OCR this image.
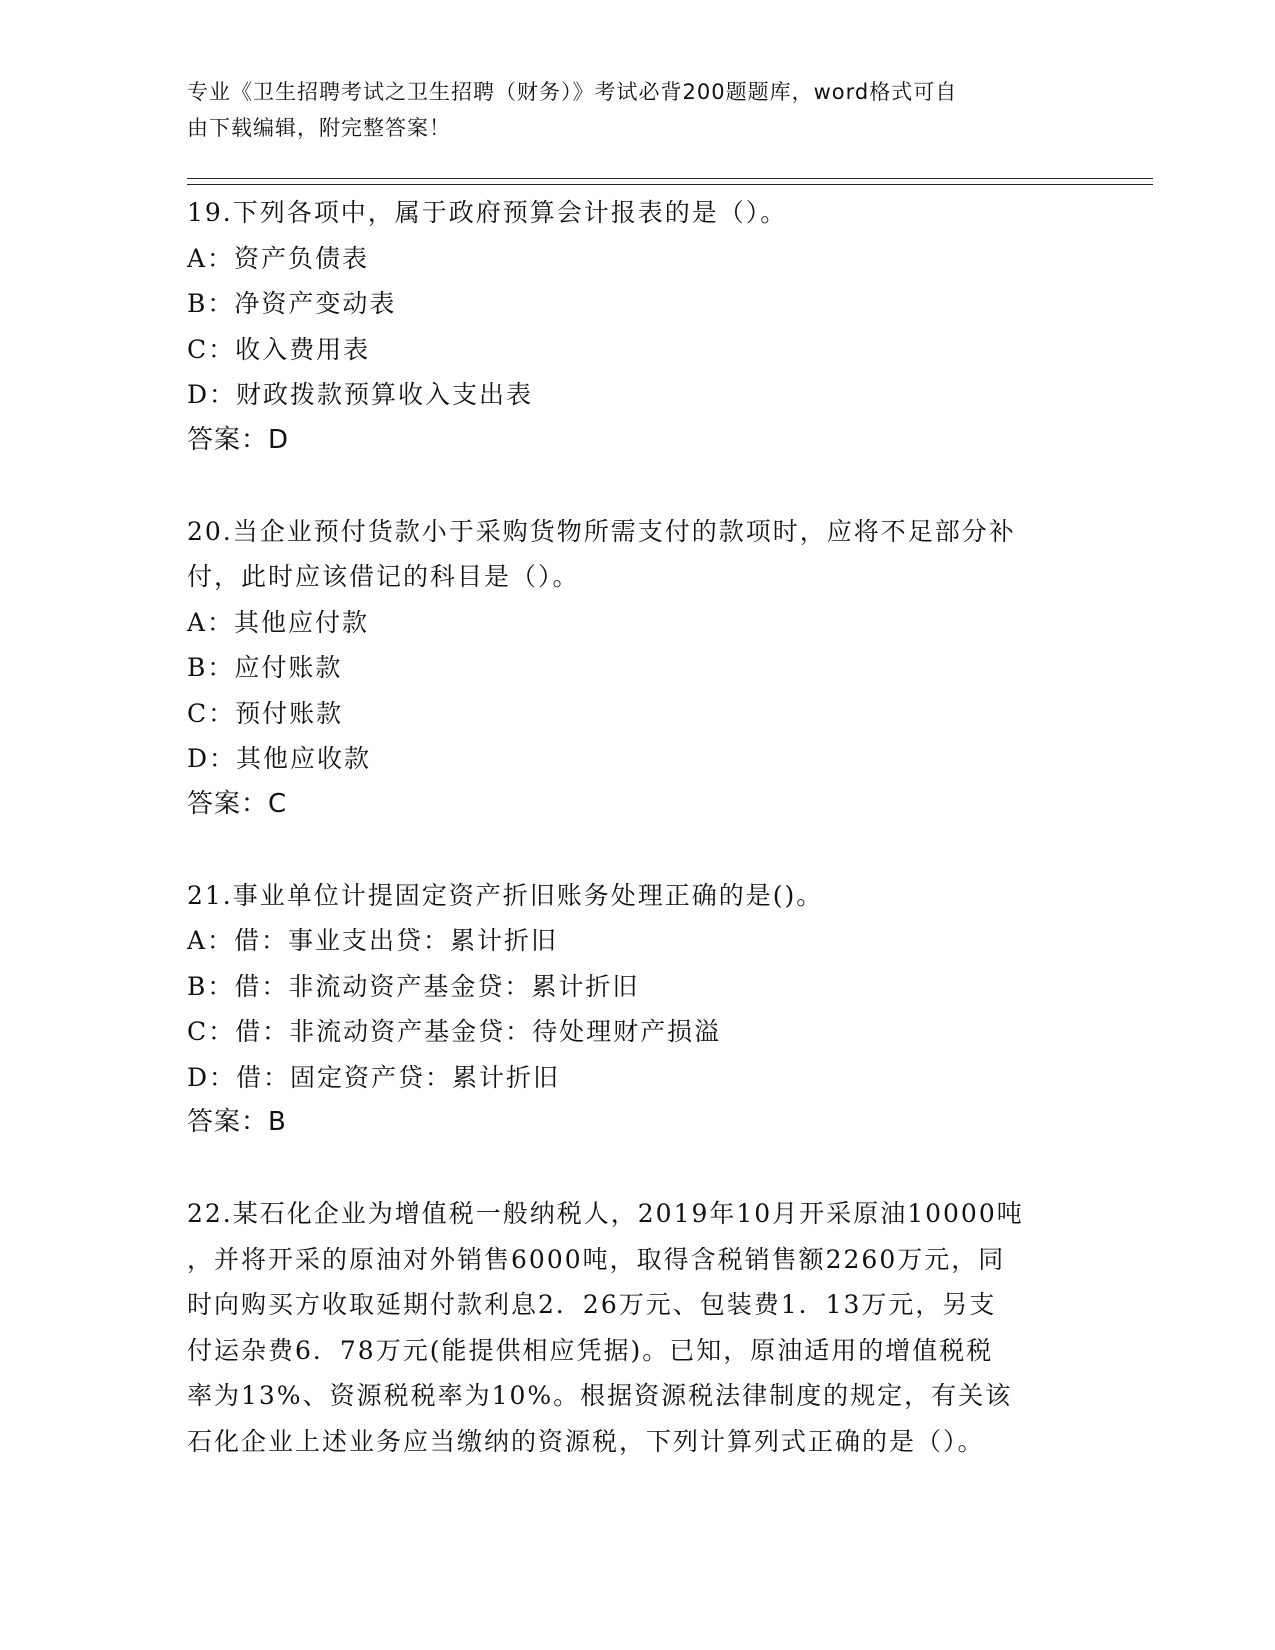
专业《卫生招聘考试之卫生招聘（财务）》考试必背200题题库，word格式可自
由下载编辑，附完整答案！
19.下列各项中，属于政府预算会计报表的是（）。
A：资产负债表
B：净资产变动表
C：收入费用表
D：财政拨款预算收入支出表
答案：D
20.当企业预付货款小于采购货物所需支付的款项时，应将不足部分补
付，此时应该借记的科目是（）。
A：其他应付款
B：应付账款
C：预付账款
D：其他应收款
答案：C
21.事业单位计提固定资产折旧账务处理正确的是()。
A：借：事业支出贷：累计折旧
B：借：非流动资产基金贷：累计折旧
C：借：非流动资产基金贷：待处理财产损溢
D：借：固定资产贷：累计折旧
答案：B
22.某石化企业为增值税一般纳税人，2019年10月开采原油10000吨
，并将开采的原油对外销售6000吨，取得含税销售额2260万元，同
时向购买方收取延期付款利息2．26万元、包装费1．13万元，另支
付运杂费6．78万元(能提供相应凭据)。已知，原油适用的增值税税
率为13%、资源税税率为10%。根据资源税法律制度的规定，有关该
石化企业上述业务应当缴纳的资源税，下列计算列式正确的是（）。
